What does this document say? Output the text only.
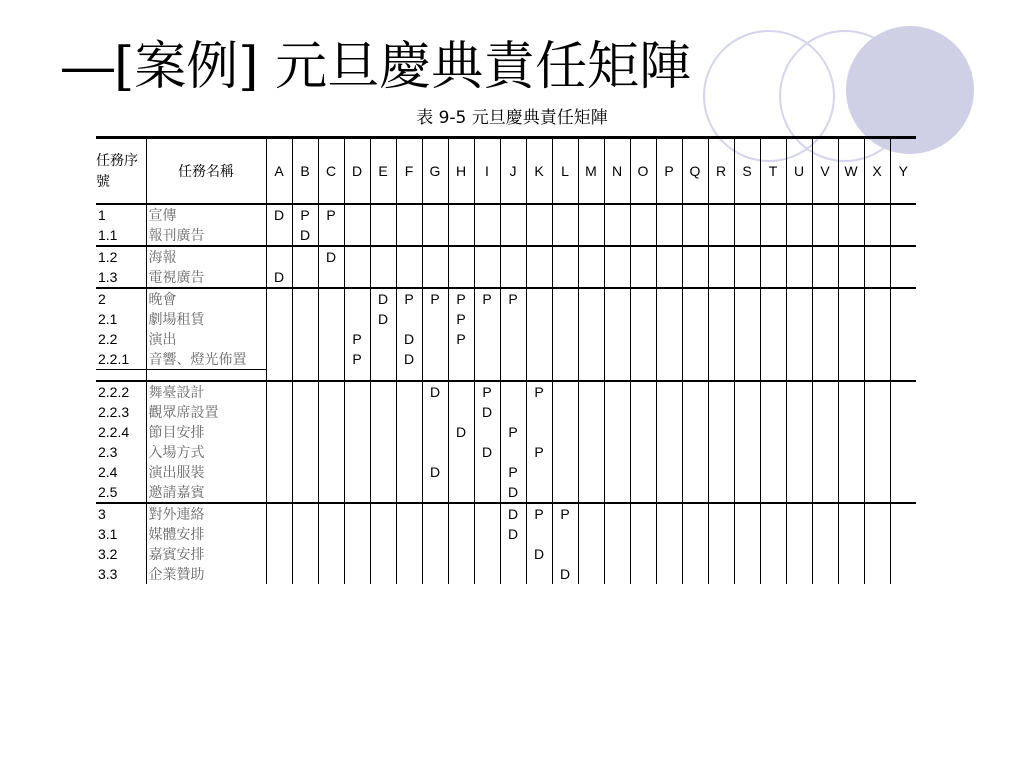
―[案例] 元旦慶典責任矩陣
表 9-5 元旦慶典責任矩陣
任務序號	任務名稱	A	B	C	D	E	F	G	H	I	J	K	L	M	N	O	P	Q	R	S	T	U	V	W	X	Y
1	宣傳	D	P	P																						
1.1	報刊廣告		D																							
1.2	海報			D																						
1.3	電視廣告	D																								
2	晚會					D	P	P	P	P	P															
2.1	劇場租賃					D			P																	
2.2	演出				P		D		P																	
2.2.1	音響、燈光佈置				P		D																			

2.2.2	舞臺設計							D		P		P														
2.2.3	觀眾席設置									D																
2.2.4	節目安排								D		P															
2.3	入場方式									D		P														
2.4	演出服裝							D			P															
2.5	邀請嘉賓										D															
3	對外連絡										D	P	P													
3.1	媒體安排										D															
3.2	嘉賓安排											D														
3.3	企業贊助												D													
